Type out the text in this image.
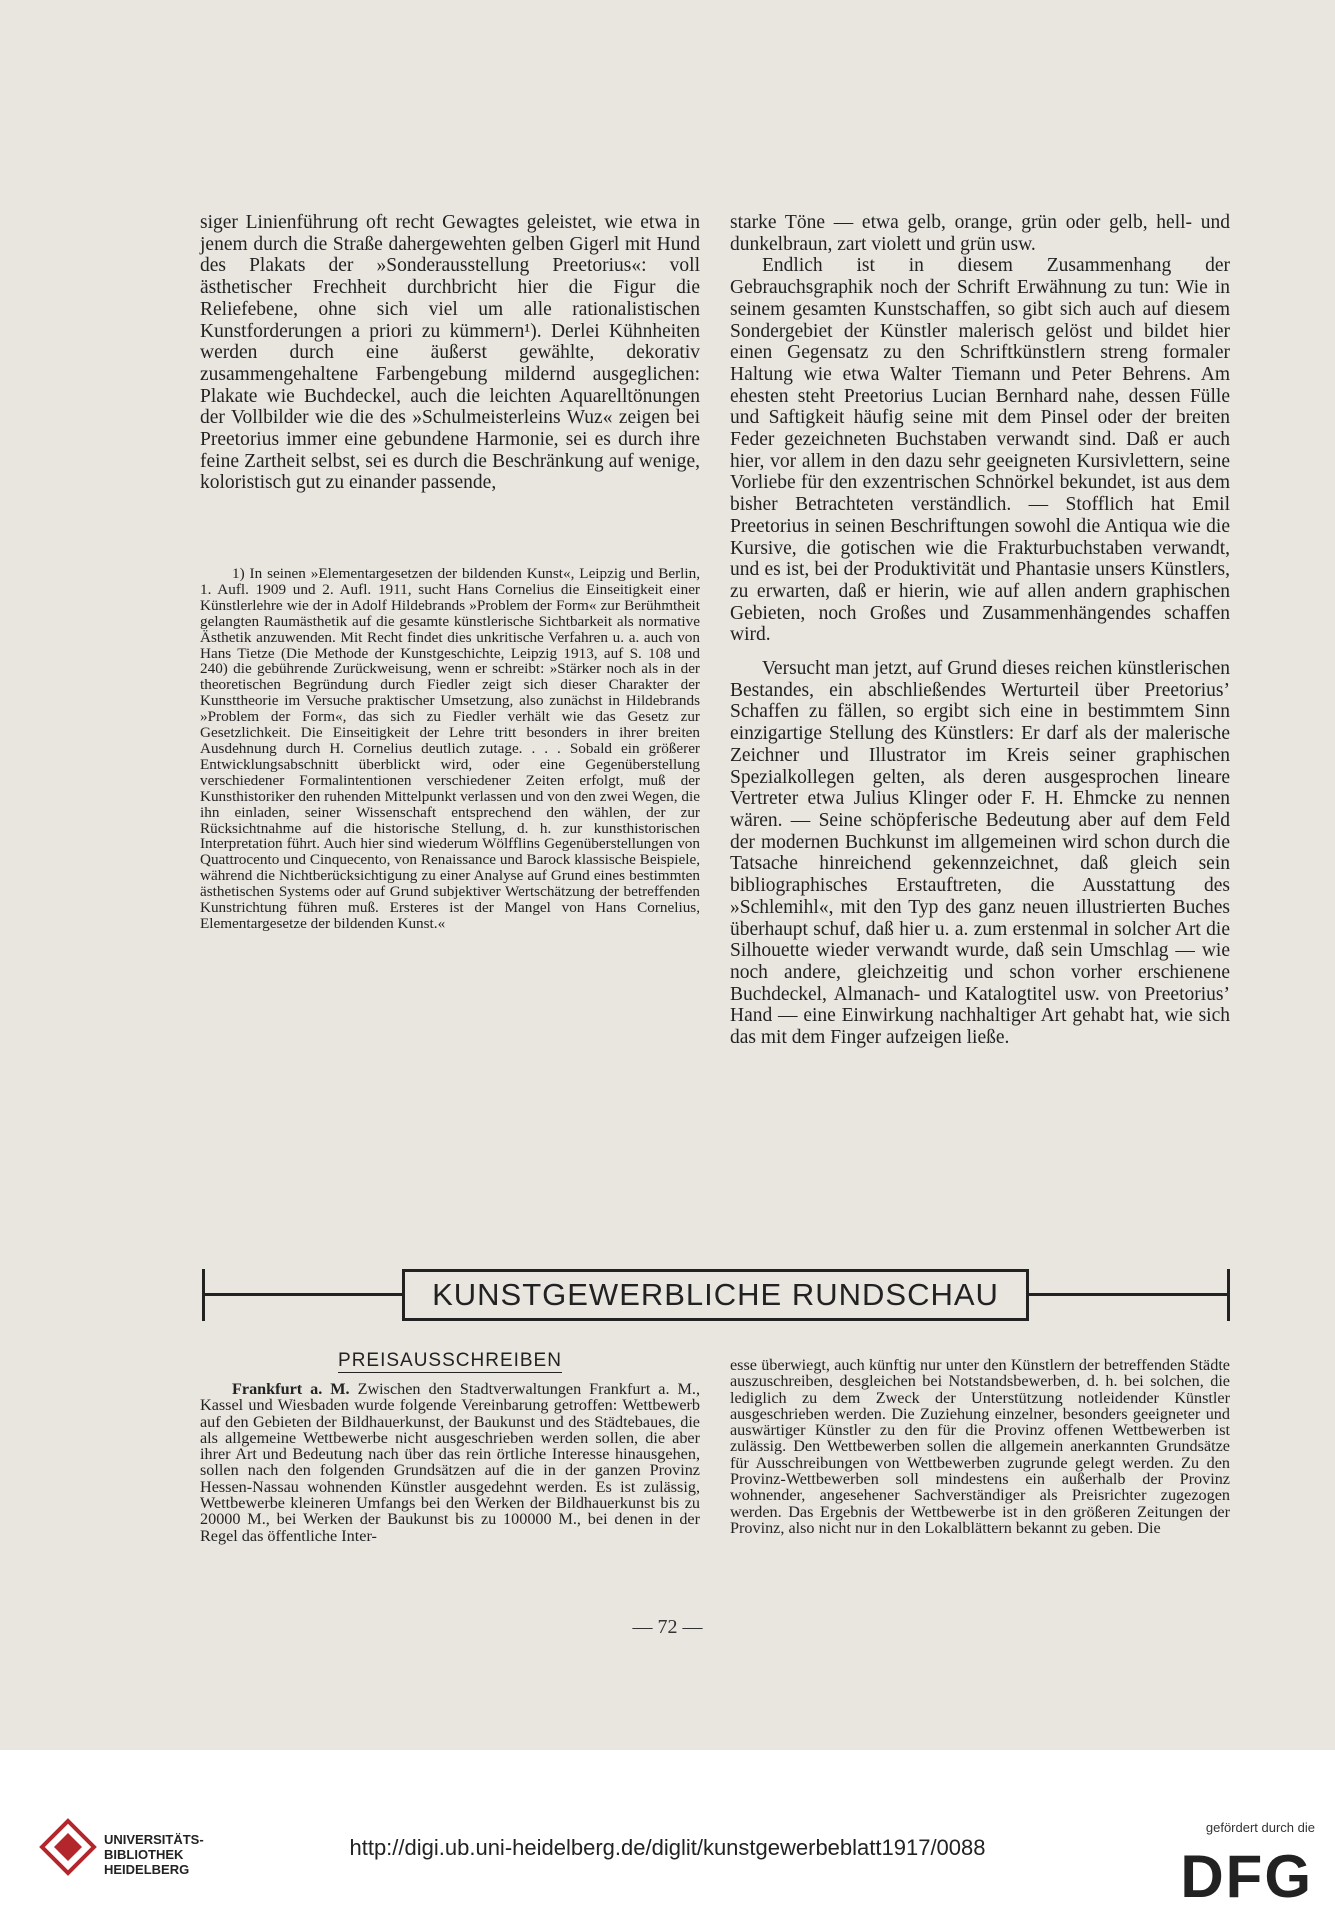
siger Linienführung oft recht Gewagtes geleistet, wie etwa in jenem durch die Straße dahergewehten gelben Gigerl mit Hund des Plakats der »Sonderausstellung Preetorius«: voll ästhetischer Frechheit durchbricht hier die Figur die Reliefebene, ohne sich viel um alle rationalistischen Kunstforderungen a priori zu kümmern¹). Derlei Kühnheiten werden durch eine äußerst gewählte, dekorativ zusammengehaltene Farbengebung mildernd ausgeglichen: Plakate wie Buchdeckel, auch die leichten Aquarelltönungen der Vollbilder wie die des »Schulmeisterleins Wuz« zeigen bei Preetorius immer eine gebundene Harmonie, sei es durch ihre feine Zartheit selbst, sei es durch die Beschränkung auf wenige, koloristisch gut zu einander passende,

1) In seinen »Elementargesetzen der bildenden Kunst«, Leipzig und Berlin, 1. Aufl. 1909 und 2. Aufl. 1911, sucht Hans Cornelius die Einseitigkeit einer Künstlerlehre wie der in Adolf Hildebrands »Problem der Form« zur Berühmtheit gelangten Raumästhetik auf die gesamte künstlerische Sichtbarkeit als normative Ästhetik anzuwenden. Mit Recht findet dies unkritische Verfahren u. a. auch von Hans Tietze (Die Methode der Kunstgeschichte, Leipzig 1913, auf S. 108 und 240) die gebührende Zurückweisung, wenn er schreibt: »Stärker noch als in der theoretischen Begründung durch Fiedler zeigt sich dieser Charakter der Kunsttheorie im Versuche praktischer Umsetzung, also zunächst in Hildebrands »Problem der Form«, das sich zu Fiedler verhält wie das Gesetz zur Gesetzlichkeit. Die Einseitigkeit der Lehre tritt besonders in ihrer breiten Ausdehnung durch H. Cornelius deutlich zutage. . . . Sobald ein größerer Entwicklungsabschnitt überblickt wird, oder eine Gegenüberstellung verschiedener Formalintentionen verschiedener Zeiten erfolgt, muß der Kunsthistoriker den ruhenden Mittelpunkt verlassen und von den zwei Wegen, die ihn einladen, seiner Wissenschaft entsprechend den wählen, der zur Rücksichtnahme auf die historische Stellung, d. h. zur kunsthistorischen Interpretation führt. Auch hier sind wiederum Wölfflins Gegenüberstellungen von Quattrocento und Cinquecento, von Renaissance und Barock klassische Beispiele, während die Nichtberücksichtigung zu einer Analyse auf Grund eines bestimmten ästhetischen Systems oder auf Grund subjektiver Wertschätzung der betreffenden Kunstrichtung führen muß. Ersteres ist der Mangel von Hans Cornelius, Elementargesetze der bildenden Kunst.«

starke Töne — etwa gelb, orange, grün oder gelb, hell- und dunkelbraun, zart violett und grün usw.

Endlich ist in diesem Zusammenhang der Gebrauchsgraphik noch der Schrift Erwähnung zu tun: Wie in seinem gesamten Kunstschaffen, so gibt sich auch auf diesem Sondergebiet der Künstler malerisch gelöst und bildet hier einen Gegensatz zu den Schriftkünstlern streng formaler Haltung wie etwa Walter Tiemann und Peter Behrens. Am ehesten steht Preetorius Lucian Bernhard nahe, dessen Fülle und Saftigkeit häufig seine mit dem Pinsel oder der breiten Feder gezeichneten Buchstaben verwandt sind. Daß er auch hier, vor allem in den dazu sehr geeigneten Kursivlettern, seine Vorliebe für den exzentrischen Schnörkel bekundet, ist aus dem bisher Betrachteten verständlich. — Stofflich hat Emil Preetorius in seinen Beschriftungen sowohl die Antiqua wie die Kursive, die gotischen wie die Frakturbuchstaben verwandt, und es ist, bei der Produktivität und Phantasie unsers Künstlers, zu erwarten, daß er hierin, wie auf allen andern graphischen Gebieten, noch Großes und Zusammenhängendes schaffen wird.

Versucht man jetzt, auf Grund dieses reichen künstlerischen Bestandes, ein abschließendes Werturteil über Preetorius’ Schaffen zu fällen, so ergibt sich eine in bestimmtem Sinn einzigartige Stellung des Künstlers: Er darf als der malerische Zeichner und Illustrator im Kreis seiner graphischen Spezialkollegen gelten, als deren ausgesprochen lineare Vertreter etwa Julius Klinger oder F. H. Ehmcke zu nennen wären. — Seine schöpferische Bedeutung aber auf dem Feld der modernen Buchkunst im allgemeinen wird schon durch die Tatsache hinreichend gekennzeichnet, daß gleich sein bibliographisches Erstauftreten, die Ausstattung des »Schlemihl«, mit den Typ des ganz neuen illustrierten Buches überhaupt schuf, daß hier u. a. zum erstenmal in solcher Art die Silhouette wieder verwandt wurde, daß sein Umschlag — wie noch andere, gleichzeitig und schon vorher erschienene Buchdeckel, Almanach- und Katalogtitel usw. von Preetorius’ Hand — eine Einwirkung nachhaltiger Art gehabt hat, wie sich das mit dem Finger aufzeigen ließe.

KUNSTGEWERBLICHE RUNDSCHAU
PREISAUSSCHREIBEN

Frankfurt a. M. Zwischen den Stadtverwaltungen Frankfurt a. M., Kassel und Wiesbaden wurde folgende Vereinbarung getroffen: Wettbewerb auf den Gebieten der Bildhauerkunst, der Baukunst und des Städtebaues, die als allgemeine Wettbewerbe nicht ausgeschrieben werden sollen, die aber ihrer Art und Bedeutung nach über das rein örtliche Interesse hinausgehen, sollen nach den folgenden Grundsätzen auf die in der ganzen Provinz Hessen-Nassau wohnenden Künstler ausgedehnt werden. Es ist zulässig, Wettbewerbe kleineren Umfangs bei den Werken der Bildhauerkunst bis zu 20000 M., bei Werken der Baukunst bis zu 100000 M., bei denen in der Regel das öffentliche Inter-

esse überwiegt, auch künftig nur unter den Künstlern der betreffenden Städte auszuschreiben, desgleichen bei Notstandsbewerben, d. h. bei solchen, die lediglich zu dem Zweck der Unterstützung notleidender Künstler ausgeschrieben werden. Die Zuziehung einzelner, besonders geeigneter und auswärtiger Künstler zu den für die Provinz offenen Wettbewerben ist zulässig. Den Wettbewerben sollen die allgemein anerkannten Grundsätze für Ausschreibungen von Wettbewerben zugrunde gelegt werden. Zu den Provinz-Wettbewerben soll mindestens ein außerhalb der Provinz wohnender, angesehener Sachverständiger als Preisrichter zugezogen werden. Das Ergebnis der Wettbewerbe ist in den größeren Zeitungen der Provinz, also nicht nur in den Lokalblättern bekannt zu geben. Die

— 72 —
UNIVERSITÄTS-
BIBLIOTHEK
HEIDELBERG
http://digi.ub.uni-heidelberg.de/diglit/kunstgewerbeblatt1917/0088
gefördert durch die
DFG
